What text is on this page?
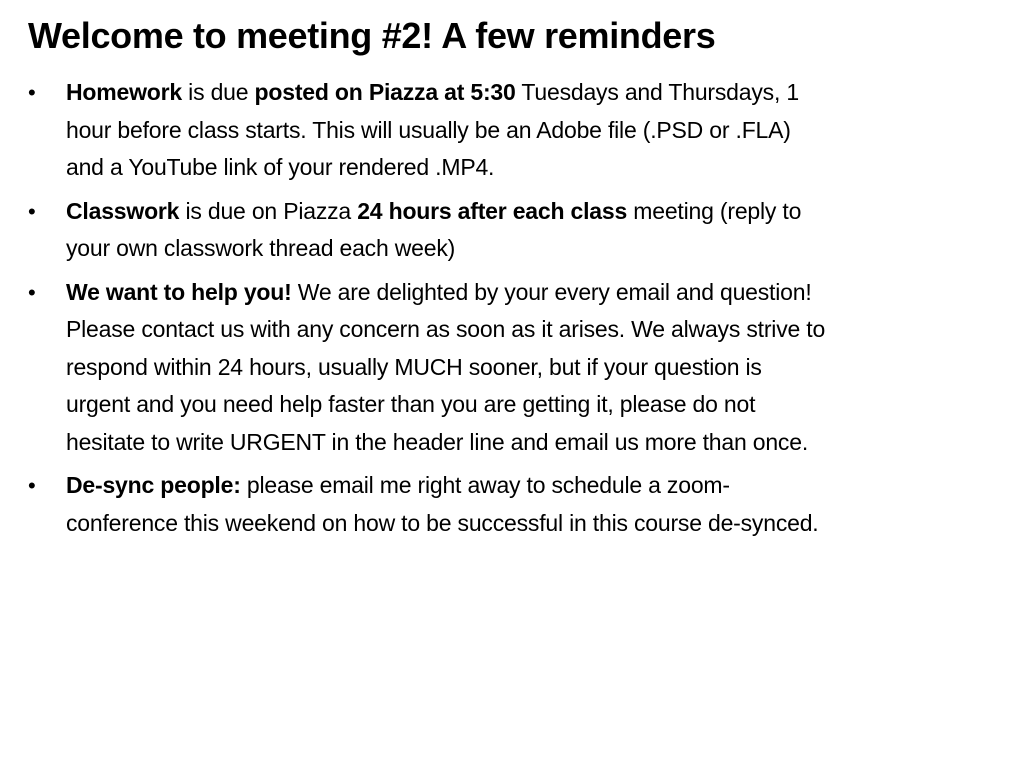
Welcome to meeting #2! A few reminders
•	Homework is due posted on Piazza at 5:30 Tuesdays and Thursdays, 1 hour before class starts. This will usually be an Adobe file (.PSD or .FLA) and a YouTube link of your rendered .MP4.
•	Classwork is due on Piazza 24 hours after each class meeting (reply to your own classwork thread each week)
•	We want to help you! We are delighted by your every email and question! Please contact us with any concern as soon as it arises. We always strive to respond within 24 hours, usually MUCH sooner, but if your question is urgent and you need help faster than you are getting it, please do not hesitate to write URGENT in the header line and email us more than once.
•	De-sync people: please email me right away to schedule a zoom-conference this weekend on how to be successful in this course de-synced.
